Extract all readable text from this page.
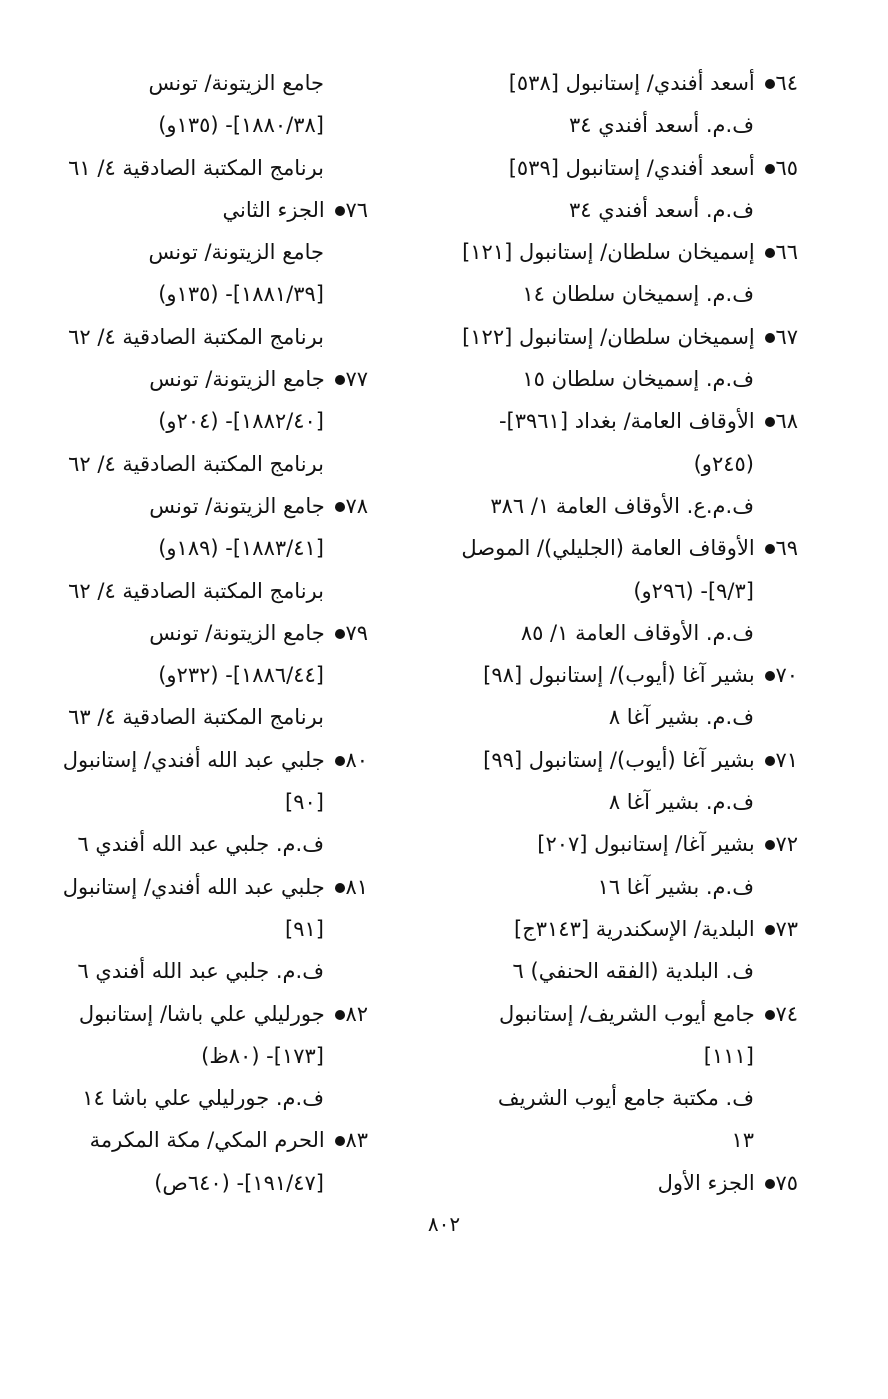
٦٤ أسعد أفندي/ إستانبول [٥٣٨]
ف.م. أسعد أفندي ٣٤
٦٥ أسعد أفندي/ إستانبول [٥٣٩]
ف.م. أسعد أفندي ٣٤
٦٦ إسميخان سلطان/ إستانبول [١٢١]
ف.م. إسميخان سلطان ١٤
٦٧ إسميخان سلطان/ إستانبول [١٢٢]
ف.م. إسميخان سلطان ١٥
٦٨ الأوقاف العامة/ بغداد [٣٩٦١]-
(٢٤٥و)
ف.م.ع. الأوقاف العامة ١/ ٣٨٦
٦٩ الأوقاف العامة (الجليلي)/ الموصل
[٩/٣]- (٢٩٦و)
ف.م. الأوقاف العامة ١/ ٨٥
٧٠ بشير آغا (أيوب)/ إستانبول [٩٨]
ف.م. بشير آغا ٨
٧١ بشير آغا (أيوب)/ إستانبول [٩٩]
ف.م. بشير آغا ٨
٧٢ بشير آغا/ إستانبول [٢٠٧]
ف.م. بشير آغا ١٦
٧٣ البلدية/ الإسكندرية [٣١٤٣ج]
ف. البلدية (الفقه الحنفي) ٦
٧٤ جامع أيوب الشريف/ إستانبول
[١١١]
ف. مكتبة جامع أيوب الشريف
١٣
٧٥ الجزء الأول
جامع الزيتونة/ تونس
[١٨٨٠/٣٨]- (١٣٥و)
برنامج المكتبة الصادقية ٤/ ٦١
٧٦ الجزء الثاني
جامع الزيتونة/ تونس
[١٨٨١/٣٩]- (١٣٥و)
برنامج المكتبة الصادقية ٤/ ٦٢
٧٧ جامع الزيتونة/ تونس
[١٨٨٢/٤٠]- (٢٠٤و)
برنامج المكتبة الصادقية ٤/ ٦٢
٧٨ جامع الزيتونة/ تونس
[١٨٨٣/٤١]- (١٨٩و)
برنامج المكتبة الصادقية ٤/ ٦٢
٧٩ جامع الزيتونة/ تونس
[١٨٨٦/٤٤]- (٢٣٢و)
برنامج المكتبة الصادقية ٤/ ٦٣
٨٠ جلبي عبد الله أفندي/ إستانبول
[٩٠]
ف.م. جلبي عبد الله أفندي ٦
٨١ جلبي عبد الله أفندي/ إستانبول
[٩١]
ف.م. جلبي عبد الله أفندي ٦
٨٢ جورليلي علي باشا/ إستانبول
[١٧٣]- (٨٠ظ)
ف.م. جورليلي علي باشا ١٤
٨٣ الحرم المكي/ مكة المكرمة
[١٩١/٤٧]- (٦٤٠ص)
٨٠٢
